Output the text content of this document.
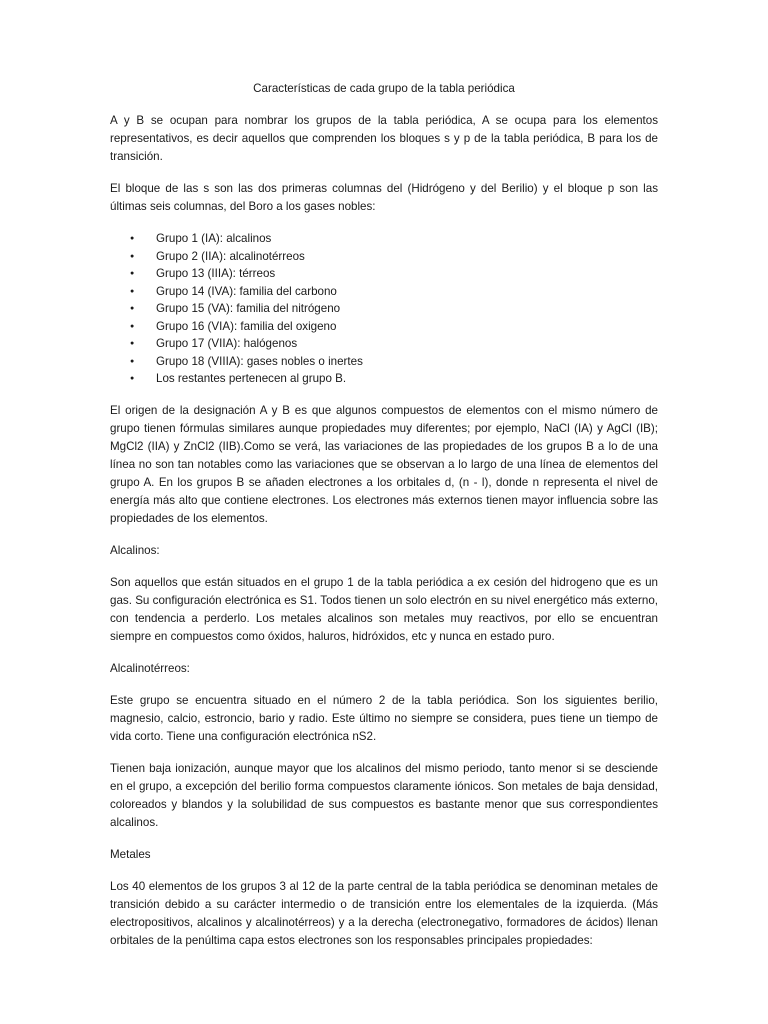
Características de cada grupo de la tabla periódica

A y B se ocupan para nombrar los grupos de la tabla periódica, A se ocupa para los elementos representativos, es decir aquellos que comprenden los bloques s y p de la tabla periódica, B para los de transición.

El bloque de las s son las dos primeras columnas del (Hidrógeno y del Berilio) y el bloque p son las últimas seis columnas, del Boro a los gases nobles:

● Grupo 1 (IA): alcalinos
● Grupo 2 (IIA): alcalinotérreos
● Grupo 13 (IIIA): térreos
● Grupo 14 (IVA): familia del carbono
● Grupo 15 (VA): familia del nitrógeno
● Grupo 16 (VIA): familia del oxigeno
● Grupo 17 (VIIA): halógenos
● Grupo 18 (VIIIA): gases nobles o inertes
● Los restantes pertenecen al grupo B.

El origen de la designación A y B es que algunos compuestos de elementos con el mismo número de grupo tienen fórmulas similares aunque propiedades muy diferentes; por ejemplo, NaCl (IA) y AgCl (IB); MgCl2 (IIA) y ZnCl2 (IIB).Como se verá, las variaciones de las propiedades de los grupos B a lo de una línea no son tan notables como las variaciones que se observan a lo largo de una línea de elementos del grupo A. En los grupos B se añaden electrones a los orbitales d, (n - l), donde n representa el nivel de energía más alto que contiene electrones. Los electrones más externos tienen mayor influencia sobre las propiedades de los elementos.

Alcalinos:

Son aquellos que están situados en el grupo 1 de la tabla periódica a ex cesión del hidrogeno que es un gas. Su configuración electrónica es S1. Todos tienen un solo electrón en su nivel energético más externo, con tendencia a perderlo. Los metales alcalinos son metales muy reactivos, por ello se encuentran siempre en compuestos como óxidos, haluros, hidróxidos, etc y nunca en estado puro.

Alcalinotérreos:

Este grupo se encuentra situado en el número 2 de la tabla periódica. Son los siguientes berilio, magnesio, calcio, estroncio, bario y radio. Este último no siempre se considera, pues tiene un tiempo de vida corto. Tiene una configuración electrónica nS2.

Tienen baja ionización, aunque mayor que los alcalinos del mismo periodo, tanto menor si se desciende en el grupo, a excepción del berilio forma compuestos claramente iónicos. Son metales de baja densidad, coloreados y blandos y la solubilidad de sus compuestos es bastante menor que sus correspondientes alcalinos.

Metales

Los 40 elementos de los grupos 3 al 12 de la parte central de la tabla periódica se denominan metales de transición debido a su carácter intermedio o de transición entre los elementales de la izquierda. (Más electropositivos, alcalinos y alcalinotérreos) y a la derecha (electronegativo, formadores de ácidos) llenan orbitales de la penúltima capa estos electrones son los responsables principales propiedades:
